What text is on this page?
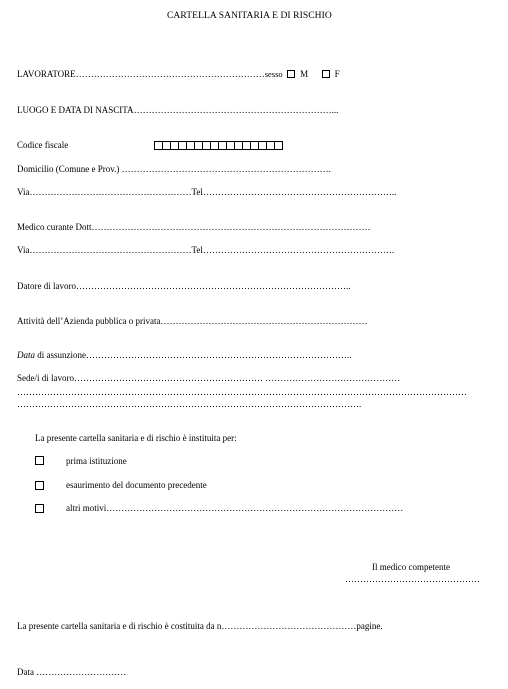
CARTELLA SANITARIA E DI RISCHIO
LAVORATORE………………………………………………………sesso M	F
LUOGO E DATA DI NASCITA…………………………………………………………...
Codice fiscale
Domicilio (Comune e Prov.) …………………………………………………………….
Via………………………………………………Tel………………………………………………………..
Medico curante Dott…………………………………………………………………………………
Via………………………………………………Tel……………………………………………………….
Datore di lavoro………………………………………………………………………………..
Attività dell’Azienda pubblica o privata……………………………………………………………
Data di assunzione……………………………………………………………………………..
Sede/i di lavoro……………………………………………………… ………………………………………
……………………………………………………………………………………………………………………………………
…………………………………………………………………………………………………….
La presente cartella sanitaria e di rischio è instituita per:
prima istituzione
esaurimento del documento precedente
altri motivi………………………………………………………………………………………
Il medico competente
………………………………………
La presente cartella sanitaria e di rischio è costituita da n………………………………………pagine.
Data …………………………
